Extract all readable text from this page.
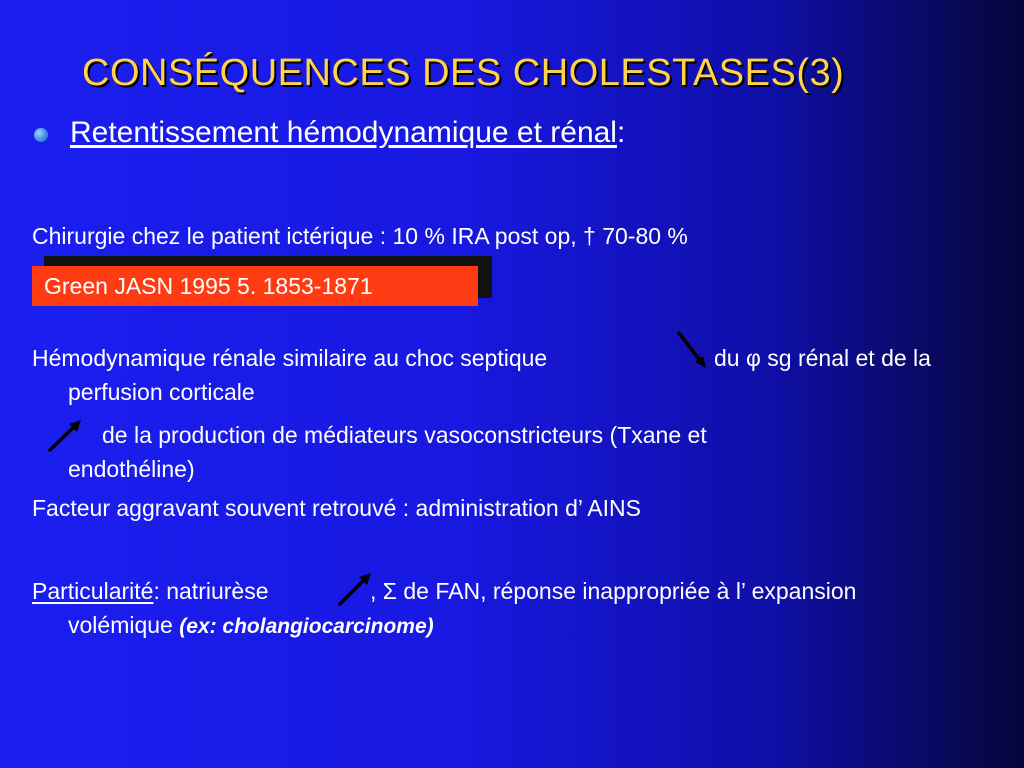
CONSÉQUENCES DES CHOLESTASES(3)
Retentissement hémodynamique et rénal :
Chirurgie chez le patient ictérique : 10 % IRA post op, † 70-80 %
Green JASN 1995 5. 1853-1871
Hémodynamique rénale similaire au choc septique	du φ sg rénal et de la
perfusion corticale
de la production de médiateurs vasoconstricteurs (Txane et
endothéline)
Facteur aggravant souvent retrouvé : administration d’ AINS
Particularité: natriurèse	, Σ de FAN, réponse inappropriée à l’ expansion
volémique (ex: cholangiocarcinome)
